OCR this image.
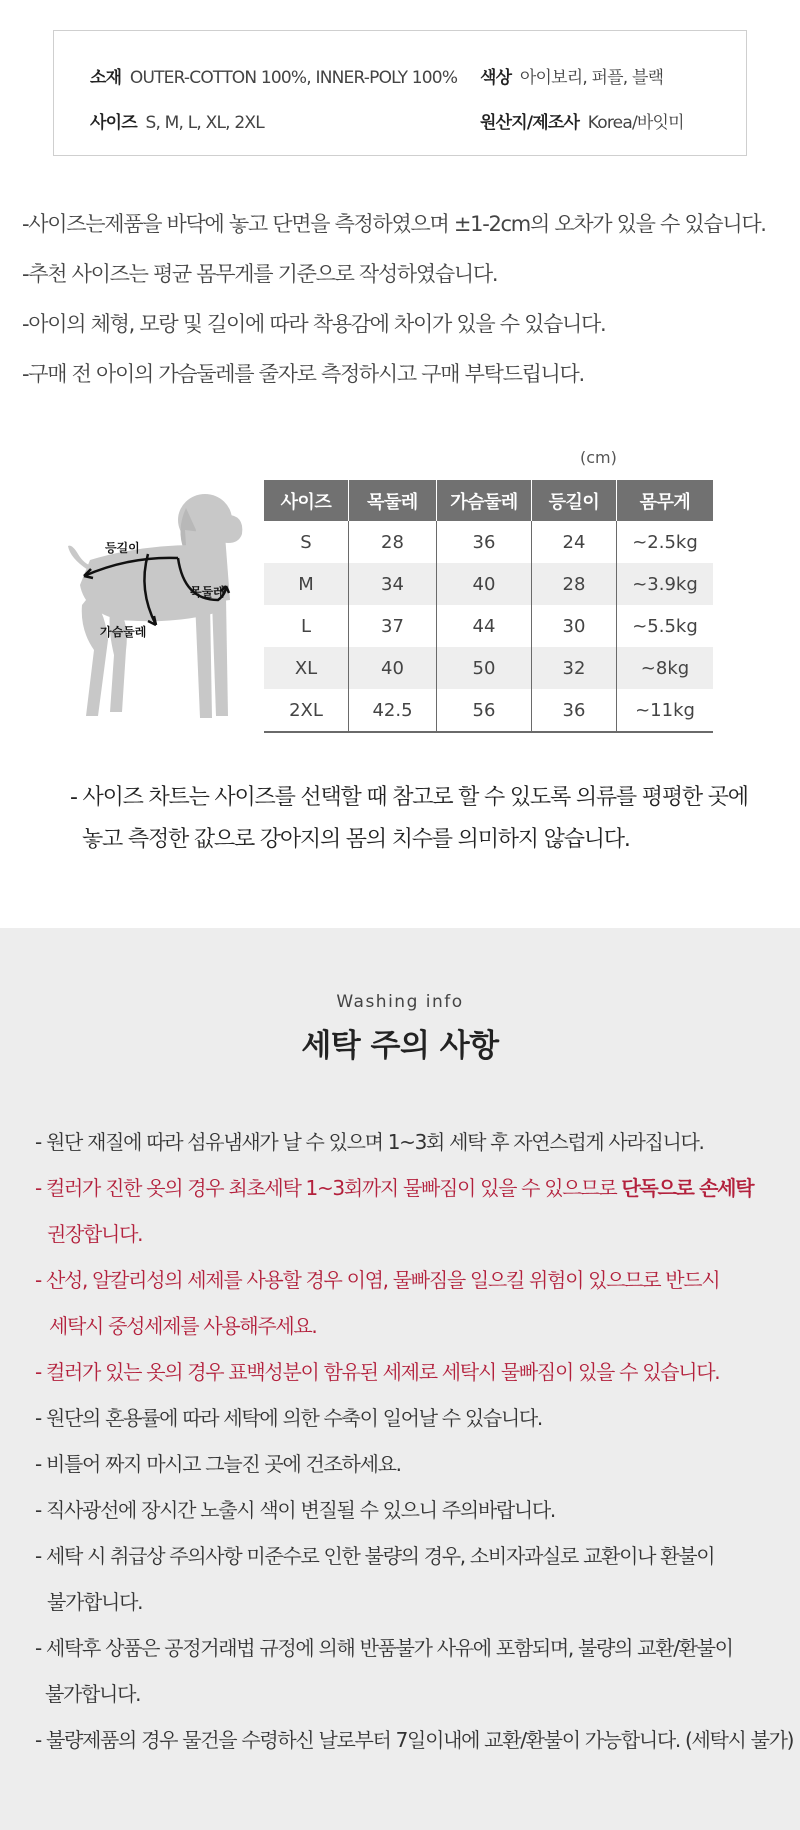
소재 OUTER-COTTON 100%, INNER-POLY 100% 색상 아이보리, 퍼플, 블랙
사이즈 S, M, L, XL, 2XL	원산지/제조사 Korea/바잇미
-사이즈는제품을 바닥에 놓고 단면을 측정하였으며 ±1-2cm의 오차가 있을 수 있습니다.
-추천 사이즈는 평균 몸무게를 기준으로 작성하였습니다.
-아이의 체형, 모랑 및 길이에 따라 착용감에 차이가 있을 수 있습니다.
-구매 전 아이의 가슴둘레를 줄자로 측정하시고 구매 부탁드립니다.
(cm)
등길이
목둘레
가슴둘레
사이즈	목둘레	가슴둘레	등길이	몸무게
S	28	36	24	~2.5kg
M	34	40	28	~3.9kg
L	37	44	30	~5.5kg
XL	40	50	32	~8kg
2XL	42.5	56	36	~11kg
- 사이즈 차트는 사이즈를 선택할 때 참고로 할 수 있도록 의류를 평평한 곳에
놓고 측정한 값으로 강아지의 몸의 치수를 의미하지 않습니다.
Washing info
세탁 주의 사항
- 원단 재질에 따라 섬유냄새가 날 수 있으며 1~3회 세탁 후 자연스럽게 사라집니다.
- 컬러가 진한 옷의 경우 최초세탁 1~3회까지 물빠짐이 있을 수 있으므로 단독으로 손세탁
권장합니다.
- 산성, 알칼리성의 세제를 사용할 경우 이염, 물빠짐을 일으킬 위험이 있으므로 반드시
세탁시 중성세제를 사용해주세요.
- 컬러가 있는 옷의 경우 표백성분이 함유된 세제로 세탁시 물빠짐이 있을 수 있습니다.
- 원단의 혼용률에 따라 세탁에 의한 수축이 일어날 수 있습니다.
- 비틀어 짜지 마시고 그늘진 곳에 건조하세요.
- 직사광선에 장시간 노출시 색이 변질될 수 있으니 주의바랍니다.
- 세탁 시 취급상 주의사항 미준수로 인한 불량의 경우, 소비자과실로 교환이나 환불이
불가합니다.
- 세탁후 상품은 공정거래법 규정에 의해 반품불가 사유에 포함되며, 불량의 교환/환불이
불가합니다.
- 불량제품의 경우 물건을 수령하신 날로부터 7일이내에 교환/환불이 가능합니다. (세탁시 불가)
